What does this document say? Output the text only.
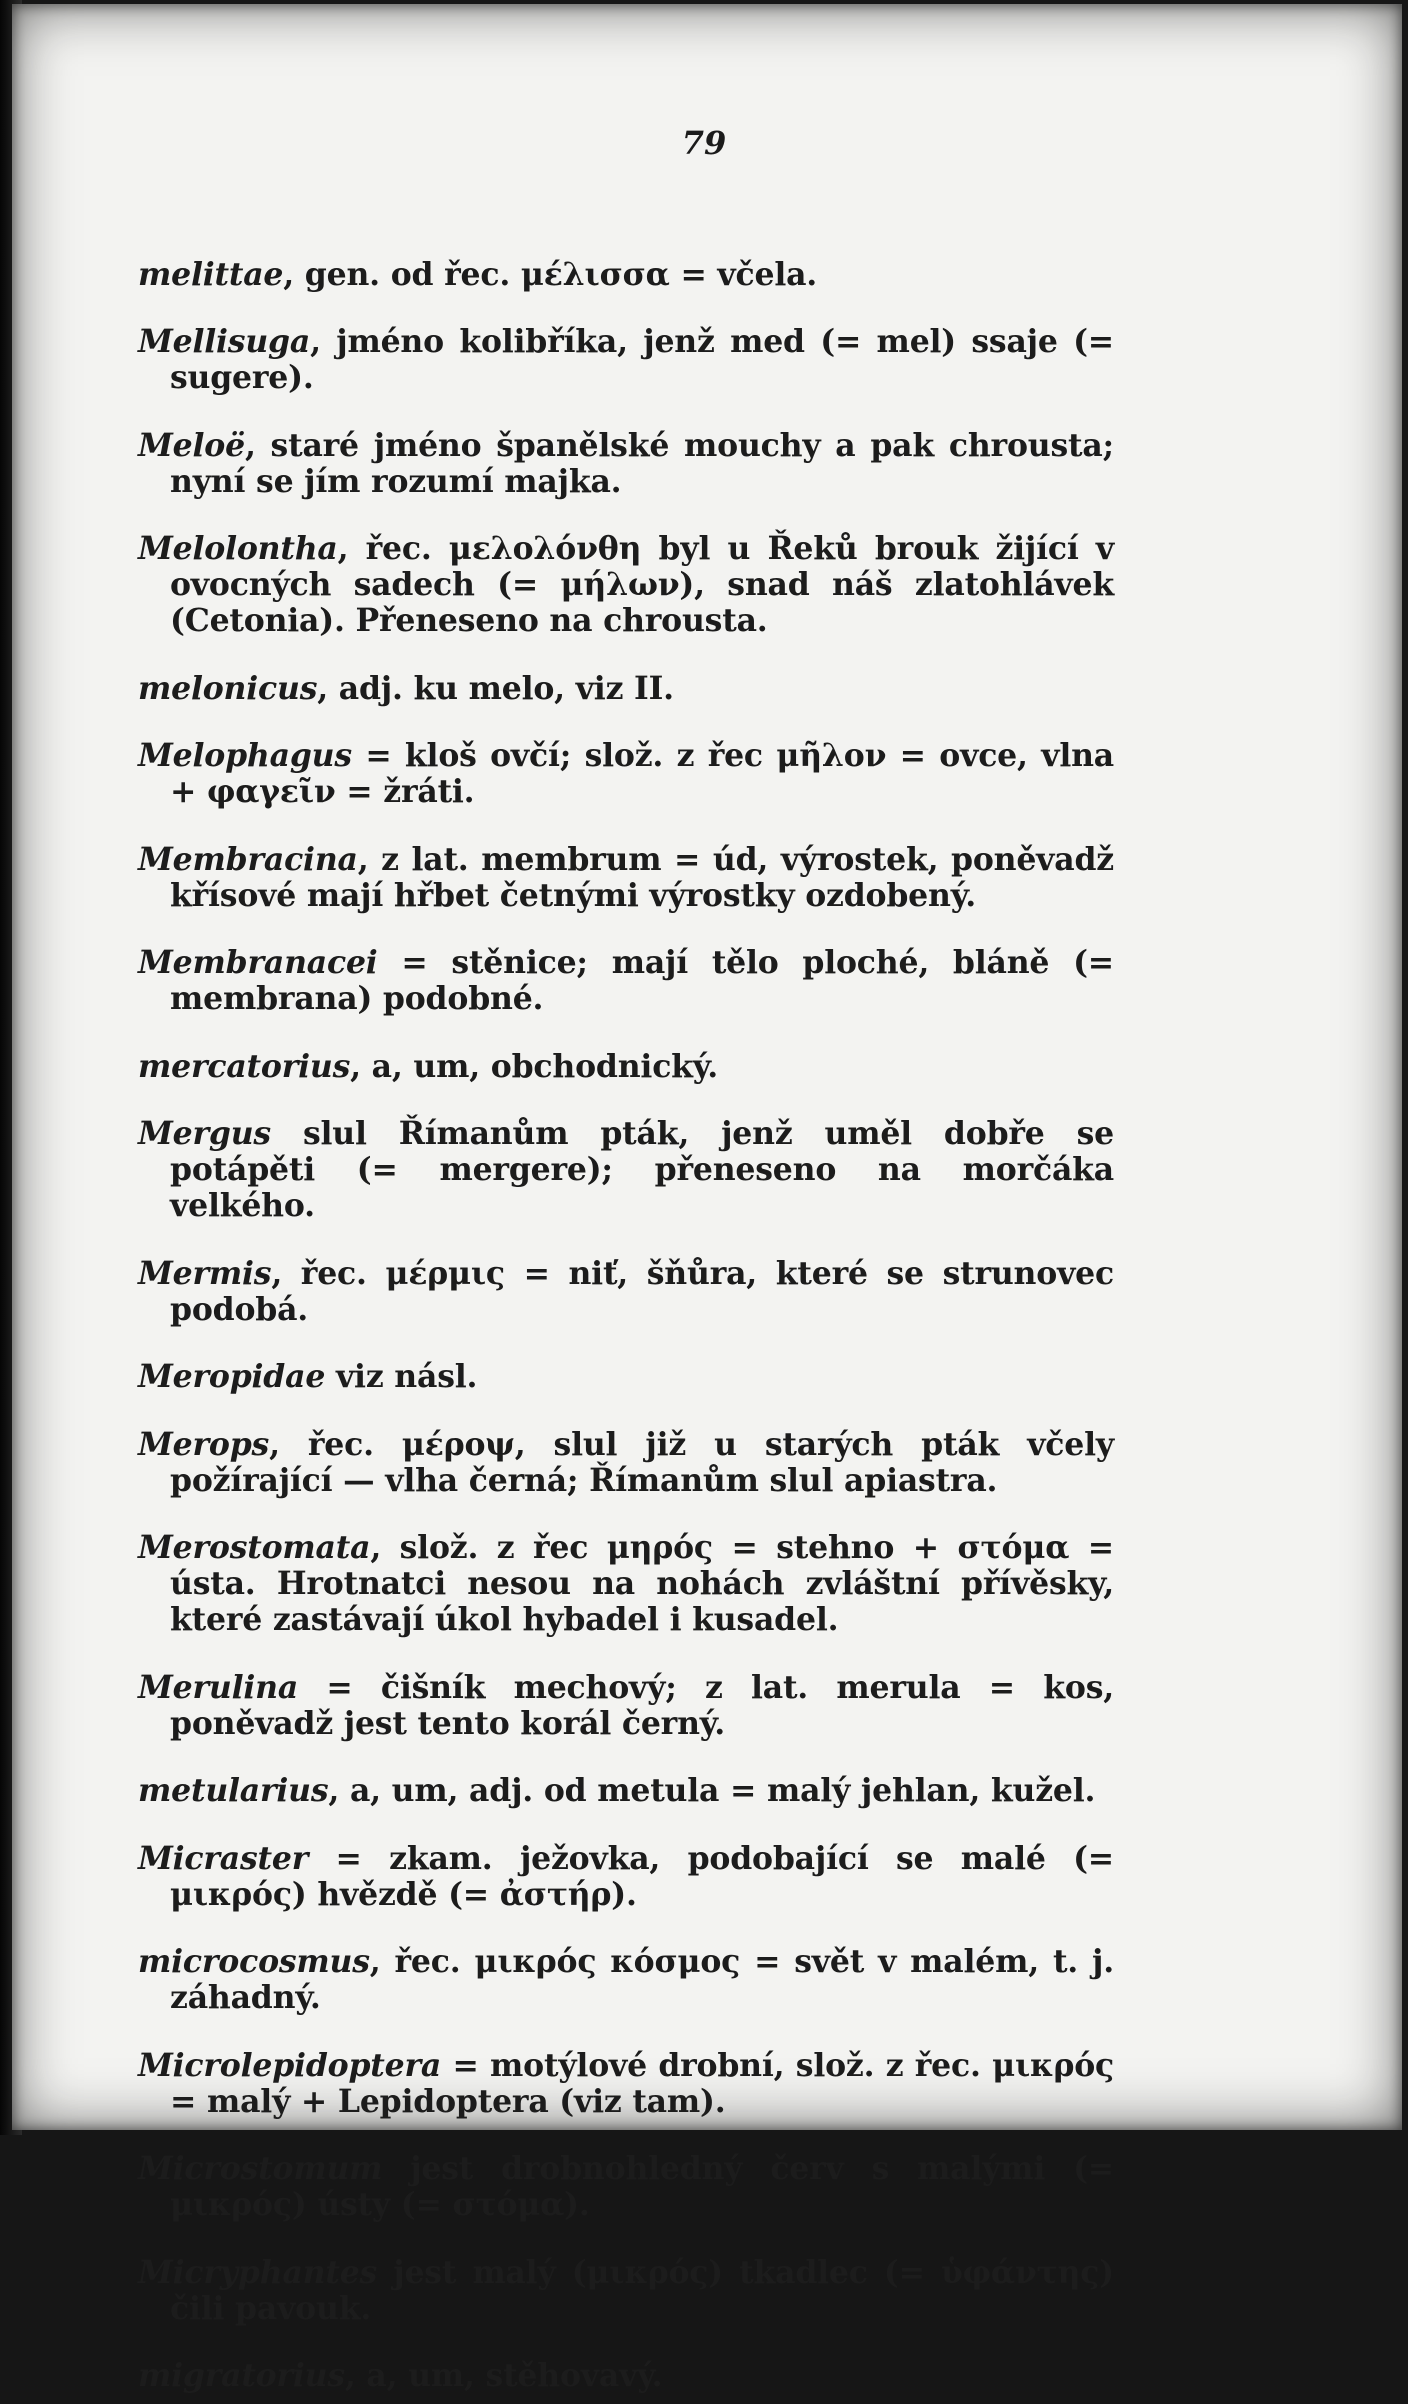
79

melittae, gen. od řec. μέλισσα = včela.

Mellisuga, jméno kolibříka, jenž med (= mel) ssaje (= sugere).

Meloë, staré jméno španělské mouchy a pak chrousta; nyní se jím rozumí majka.

Melolontha, řec. μελολόνθη byl u Řeků brouk žijící v ovocných sadech (= μήλων), snad náš zlatohlávek (Cetonia). Přeneseno na chrousta.

melonicus, adj. ku melo, viz II.

Melophagus = kloš ovčí; slož. z řec μῆλον = ovce, vlna + φαγεῖν = žráti.

Membracina, z lat. membrum = úd, výrostek, poněvadž křísové mají hřbet četnými výrostky ozdobený.

Membranacei = stěnice; mají tělo ploché, bláně (= membrana) podobné.

mercatorius, a, um, obchodnický.

Mergus slul Římanům pták, jenž uměl dobře se potápěti (= mergere); přeneseno na morčáka velkého.

Mermis, řec. μέρμις = niť, šňůra, které se strunovec podobá.

Meropidae viz násl.

Merops, řec. μέροψ, slul již u starých pták včely požírající — vlha černá; Římanům slul apiastra.

Merostomata, slož. z řec μηρός = stehno + στόμα = ústa. Hrotnatci nesou na nohách zvláštní přívěsky, které zastávají úkol hybadel i kusadel.

Merulina = čišník mechový; z lat. merula = kos, poněvadž jest tento korál černý.

metularius, a, um, adj. od metula = malý jehlan, kužel.

Micraster = zkam. ježovka, podobající se malé (= μικρός) hvězdě (= ἀστήρ).

microcosmus, řec. μικρός κόσμος = svět v malém, t. j. záhadný.

Microlepidoptera = motýlové drobní, slož. z řec. μικρός = malý + Lepidoptera (viz tam).

Microstomum jest drobnohledný červ s malými (= μικρός) ústy (= στόμα).

Micryphantes jest malý (μικρός) tkadlec (= ὑφάντης) čili pavouk.

migratorius, a, um, stěhovavý.
